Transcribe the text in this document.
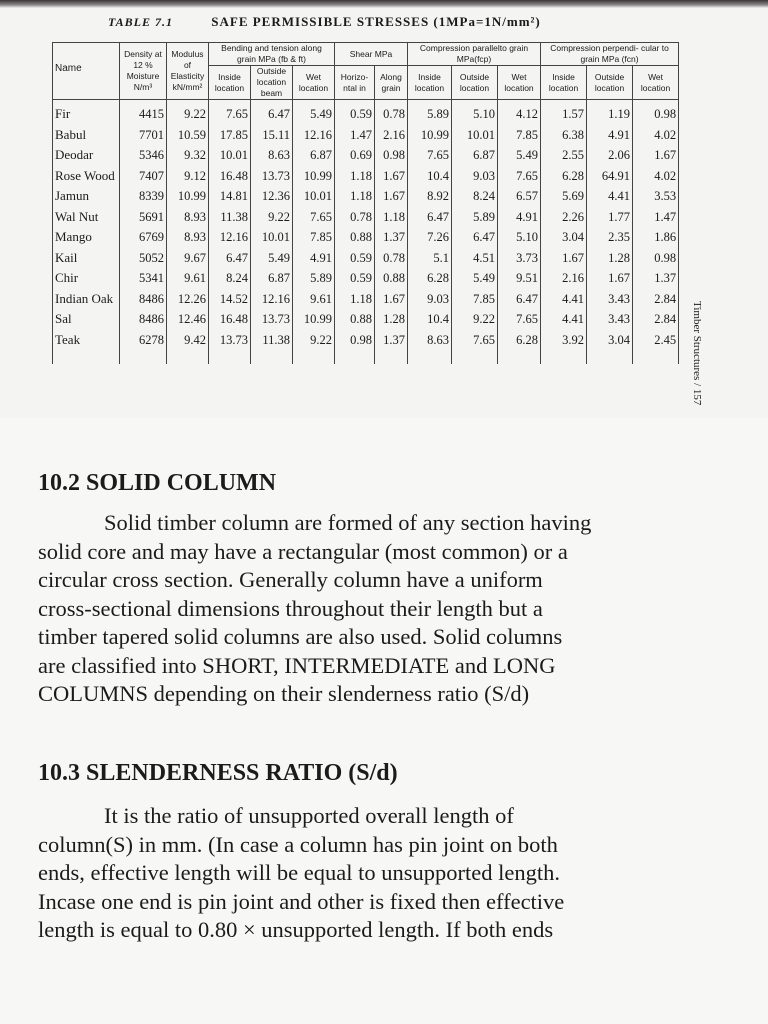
TABLE 7.1	SAFE PERMISSIBLE STRESSES (1MPa=1N/mm²)
Name	Density at 12 % Moisture N/m³	Modulus of Elasticity kN/mm²	Bending and tension along grain MPa (fb & ft)			Shear MPa		Compression parallelto grain MPa(fcp)			Compression perpendi- cular to grain MPa (fcn)		
			Inside location	Outside location beam	Wet location	Horizo- ntal in	Along grain	Inside location	Outside location	Wet location	Inside location	Outside location	Wet location
Fir	4415	9.22	7.65	6.47	5.49	0.59	0.78	5.89	5.10	4.12	1.57	1.19	0.98
Babul	7701	10.59	17.85	15.11	12.16	1.47	2.16	10.99	10.01	7.85	6.38	4.91	4.02
Deodar	5346	9.32	10.01	8.63	6.87	0.69	0.98	7.65	6.87	5.49	2.55	2.06	1.67
Rose Wood	7407	9.12	16.48	13.73	10.99	1.18	1.67	10.4	9.03	7.65	6.28	64.91	4.02
Jamun	8339	10.99	14.81	12.36	10.01	1.18	1.67	8.92	8.24	6.57	5.69	4.41	3.53
Wal Nut	5691	8.93	11.38	9.22	7.65	0.78	1.18	6.47	5.89	4.91	2.26	1.77	1.47
Mango	6769	8.93	12.16	10.01	7.85	0.88	1.37	7.26	6.47	5.10	3.04	2.35	1.86
Kail	5052	9.67	6.47	5.49	4.91	0.59	0.78	5.1	4.51	3.73	1.67	1.28	0.98
Chir	5341	9.61	8.24	6.87	5.89	0.59	0.88	6.28	5.49	9.51	2.16	1.67	1.37
Indian Oak	8486	12.26	14.52	12.16	9.61	1.18	1.67	9.03	7.85	6.47	4.41	3.43	2.84
Sal	8486	12.46	16.48	13.73	10.99	0.88	1.28	10.4	9.22	7.65	4.41	3.43	2.84
Teak	6278	9.42	13.73	11.38	9.22	0.98	1.37	8.63	7.65	6.28	3.92	3.04	2.45	Timber Structures / 157
10.2 SOLID COLUMN
Solid timber column are formed of any section having
solid core and may have a rectangular (most common) or a
circular cross section. Generally column have a uniform
cross-sectional dimensions throughout their length but a
timber tapered solid columns are also used. Solid columns
are classified into SHORT, INTERMEDIATE and LONG
COLUMNS depending on their slenderness ratio (S/d)
10.3 SLENDERNESS RATIO (S/d)
It is the ratio of unsupported overall length of
column(S) in mm. (In case a column has pin joint on both
ends, effective length will be equal to unsupported length.
Incase one end is pin joint and other is fixed then effective
length is equal to 0.80 × unsupported length. If both ends
